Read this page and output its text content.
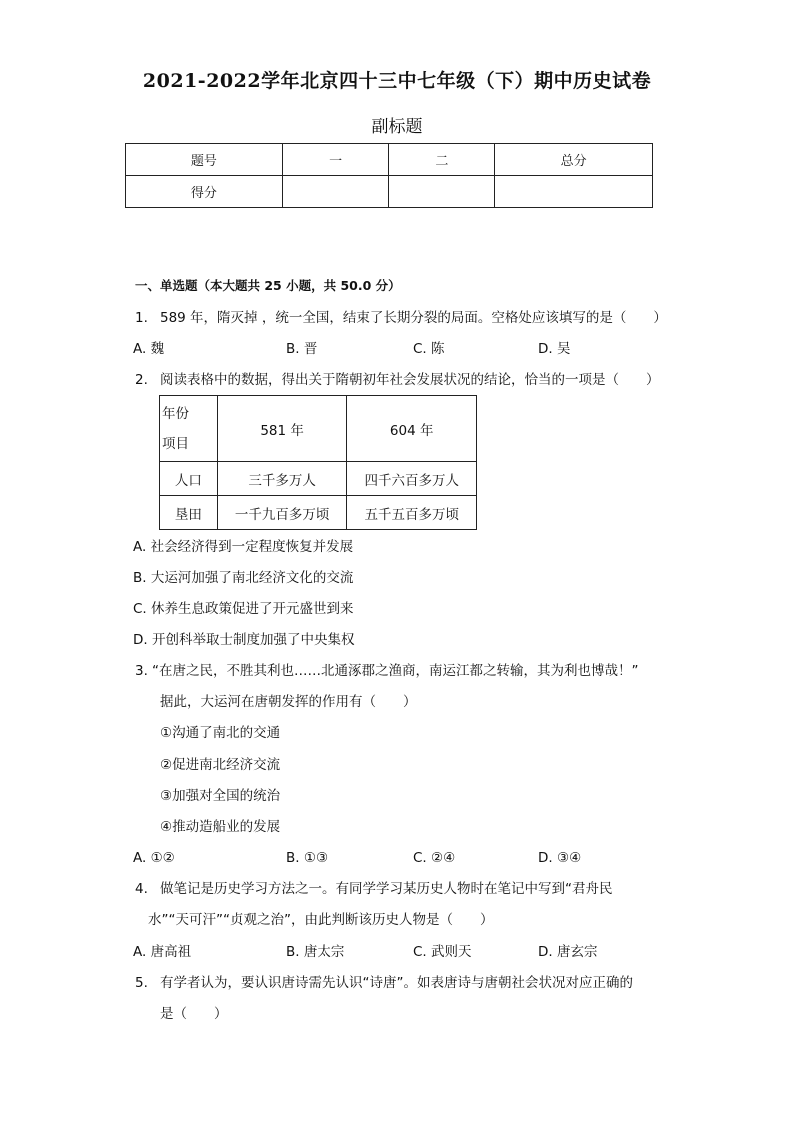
2021-2022学年北京四十三中七年级（下）期中历史试卷
副标题
题号	一	二	总分
得分			
一、单选题（本大题共 25 小题，共 50.0 分）
1. 589 年，隋灭掉 ，统一全国，结束了长期分裂的局面。空格处应该填写的是（　　）
A. 魏	B. 晋	C. 陈	D. 吴
2. 阅读表格中的数据，得出关于隋朝初年社会发展状况的结论，恰当的一项是（　　）
年份
项目	581 年	604 年
人口	三千多万人	四千六百多万人
垦田	一千九百多万顷	五千五百多万顷
A. 社会经济得到一定程度恢复并发展
B. 大运河加强了南北经济文化的交流
C. 休养生息政策促进了开元盛世到来
D. 开创科举取士制度加强了中央集权
3. “在唐之民，不胜其利也……北通涿郡之渔商，南运江都之转输，其为利也博哉！”
据此，大运河在唐朝发挥的作用有（　　）
①沟通了南北的交通
②促进南北经济交流
③加强对全国的统治
④推动造船业的发展
A. ①②	B. ①③	C. ②④	D. ③④
4. 做笔记是历史学习方法之一。有同学学习某历史人物时在笔记中写到“君舟民
水”“天可汗”“贞观之治”，由此判断该历史人物是（　　）
A. 唐高祖	B. 唐太宗	C. 武则天	D. 唐玄宗
5. 有学者认为，要认识唐诗需先认识“诗唐”。如表唐诗与唐朝社会状况对应正确的
是（　　）
